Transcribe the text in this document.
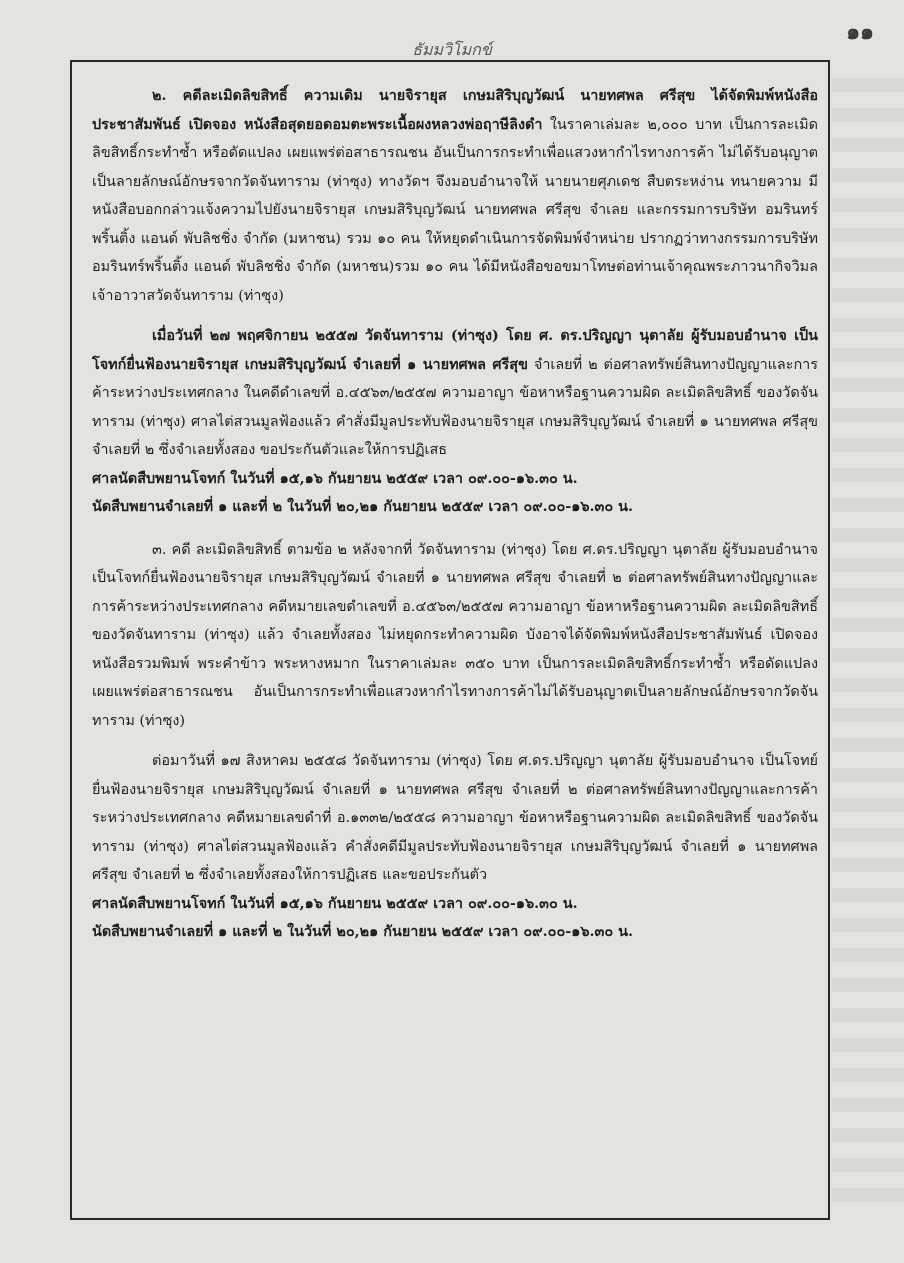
๑๑
ธัมมวิโมกข์

๒. คดีละเมิดลิขสิทธิ์ ความเดิม นายจิรายุส เกษมสิริบุญวัฒน์ นายทศพล ศรีสุข ได้จัดพิมพ์หนังสือ ประชาสัมพันธ์ เปิดจอง หนังสือสุดยอดอมตะพระเนื้อผงหลวงพ่อฤาษีลิงดำ ในราคาเล่มละ ๒,๐๐๐ บาท เป็นการละเมิดลิขสิทธิ์กระทำซ้ำ หรือดัดแปลง เผยแพร่ต่อสาธารณชน อันเป็นการกระทำเพื่อแสวงหากำไรทางการค้า ไม่ได้รับอนุญาตเป็นลายลักษณ์อักษรจากวัดจันทาราม (ท่าซุง) ทางวัดฯ จึงมอบอำนาจให้ นายนายศุภเดช สืบตระหง่าน ทนายความ มีหนังสือบอกกล่าวแจ้งความไปยังนายจิรายุส เกษมสิริบุญวัฒน์ นายทศพล ศรีสุข จำเลย และกรรมการบริษัท อมรินทร์พริ้นติ้ง แอนด์ พับลิชชิ่ง จำกัด (มหาชน) รวม ๑๐ คน ให้หยุดดำเนินการจัดพิมพ์จำหน่าย ปรากฏว่าทางกรรมการบริษัท อมรินทร์พริ้นติ้ง แอนด์ พับลิชชิ่ง จำกัด (มหาชน)รวม ๑๐ คน ได้มีหนังสือขอขมาโทษต่อท่านเจ้าคุณพระภาวนากิจวิมล เจ้าอาวาสวัดจันทาราม (ท่าซุง)

เมื่อวันที่ ๒๗ พฤศจิกายน ๒๕๕๗ วัดจันทาราม (ท่าซุง) โดย ศ. ดร.ปริญญา นุตาลัย ผู้รับมอบอำนาจ เป็นโจทก์ยื่นฟ้องนายจิรายุส เกษมสิริบุญวัฒน์ จำเลยที่ ๑ นายทศพล ศรีสุข จำเลยที่ ๒ ต่อศาลทรัพย์สินทางปัญญาและการค้าระหว่างประเทศกลาง ในคดีดำเลขที่ อ.๔๕๖๓/๒๕๕๗ ความอาญา ข้อหาหรือฐานความผิด ละเมิดลิขสิทธิ์ ของวัดจันทาราม (ท่าซุง) ศาลไต่สวนมูลฟ้องแล้ว คำสั่งมีมูลประทับฟ้องนายจิรายุส เกษมสิริบุญวัฒน์ จำเลยที่ ๑ นายทศพล ศรีสุข จำเลยที่ ๒ ซึ่งจำเลยทั้งสอง ขอประกันตัวและให้การปฏิเสธ

ศาลนัดสืบพยานโจทก์ ในวันที่ ๑๕,๑๖ กันยายน ๒๕๕๙ เวลา ๐๙.๐๐-๑๖.๓๐ น.

นัดสืบพยานจำเลยที่ ๑ และที่ ๒ ในวันที่ ๒๐,๒๑ กันยายน ๒๕๕๙ เวลา ๐๙.๐๐-๑๖.๓๐ น.

๓. คดี ละเมิดลิขสิทธิ์ ตามข้อ ๒ หลังจากที่ วัดจันทาราม (ท่าซุง) โดย ศ.ดร.ปริญญา นุตาลัย ผู้รับมอบอำนาจ เป็นโจทก์ยื่นฟ้องนายจิรายุส เกษมสิริบุญวัฒน์ จำเลยที่ ๑ นายทศพล ศรีสุข จำเลยที่ ๒ ต่อศาลทรัพย์สินทางปัญญาและการค้าระหว่างประเทศกลาง คดีหมายเลขดำเลขที่ อ.๔๕๖๓/๒๕๕๗ ความอาญา ข้อหาหรือฐานความผิด ละเมิดลิขสิทธิ์ ของวัดจันทาราม (ท่าซุง) แล้ว จำเลยทั้งสอง ไม่หยุดกระทำความผิด บังอาจได้จัดพิมพ์หนังสือประชาสัมพันธ์ เปิดจองหนังสือรวมพิมพ์ พระคำข้าว พระหางหมาก ในราคาเล่มละ ๓๕๐ บาท เป็นการละเมิดลิขสิทธิ์กระทำซ้ำ หรือดัดแปลง เผยแพร่ต่อสาธารณชน อันเป็นการกระทำเพื่อแสวงหากำไรทางการค้าไม่ได้รับอนุญาตเป็นลายลักษณ์อักษรจากวัดจันทาราม (ท่าซุง)

ต่อมาวันที่ ๑๗ สิงหาคม ๒๕๕๘ วัดจันทาราม (ท่าซุง) โดย ศ.ดร.ปริญญา นุตาลัย ผู้รับมอบอำนาจ เป็นโจทย์ยื่นฟ้องนายจิรายุส เกษมสิริบุญวัฒน์ จำเลยที่ ๑ นายทศพล ศรีสุข จำเลยที่ ๒ ต่อศาลทรัพย์สินทางปัญญาและการค้าระหว่างประเทศกลาง คดีหมายเลขดำที่ อ.๑๓๓๒/๒๕๕๘ ความอาญา ข้อหาหรือฐานความผิด ละเมิดลิขสิทธิ์ ของวัดจันทาราม (ท่าซุง) ศาลไต่สวนมูลฟ้องแล้ว คำสั่งคดีมีมูลประทับฟ้องนายจิรายุส เกษมสิริบุญวัฒน์ จำเลยที่ ๑ นายทศพล ศรีสุข จำเลยที่ ๒ ซึ่งจำเลยทั้งสองให้การปฏิเสธ และขอประกันตัว

ศาลนัดสืบพยานโจทก์ ในวันที่ ๑๕,๑๖ กันยายน ๒๕๕๙ เวลา ๐๙.๐๐-๑๖.๓๐ น.

นัดสืบพยานจำเลยที่ ๑ และที่ ๒ ในวันที่ ๒๐,๒๑ กันยายน ๒๕๕๙ เวลา ๐๙.๐๐-๑๖.๓๐ น.
